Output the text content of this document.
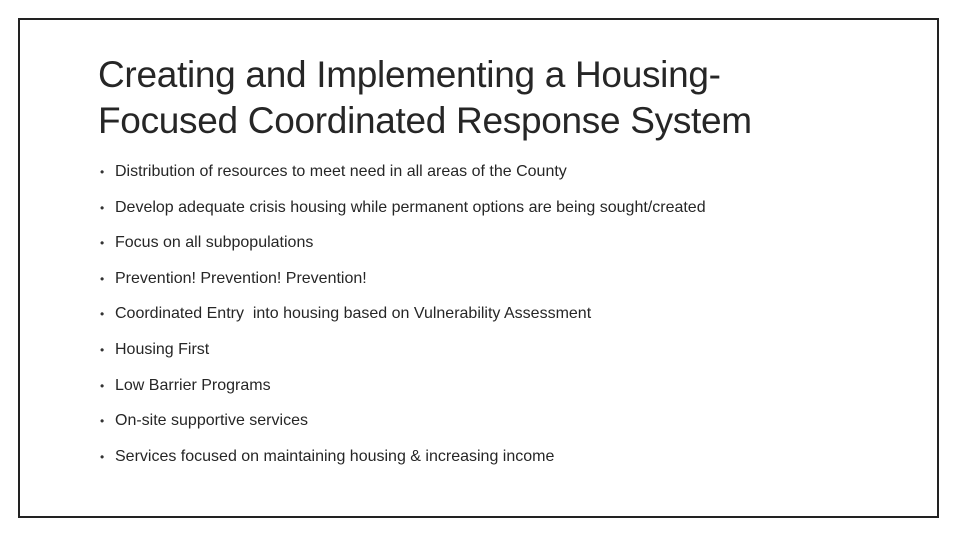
Creating and Implementing a Housing-
Focused Coordinated Response System
• Distribution of resources to meet need in all areas of the County
• Develop adequate crisis housing while permanent options are being sought/created
• Focus on all subpopulations
• Prevention! Prevention! Prevention!
• Coordinated Entry  into housing based on Vulnerability Assessment
• Housing First
• Low Barrier Programs
• On-site supportive services
• Services focused on maintaining housing & increasing income
